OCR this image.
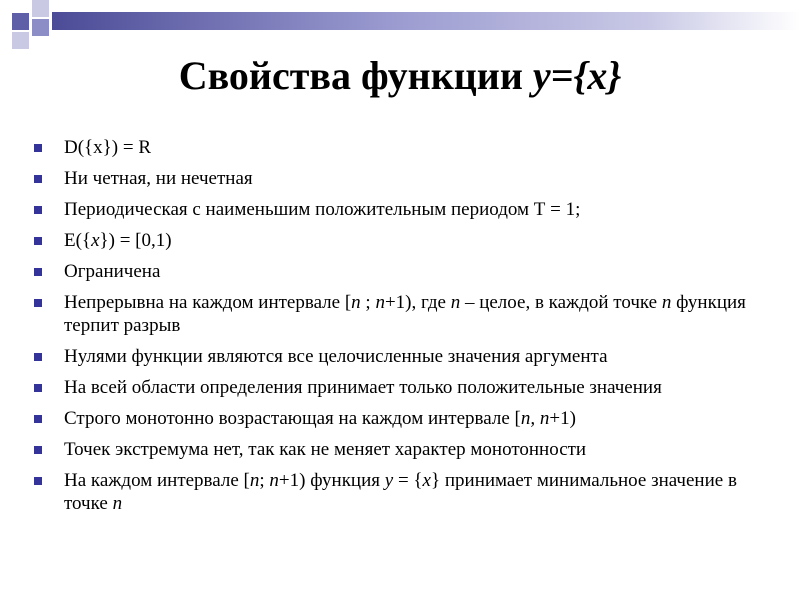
Свойства функции y={x}
D({x}) = R
Ни четная, ни нечетная
Периодическая с наименьшим положительным периодом Т = 1;
E({x}) = [0,1)
Ограничена
Непрерывна на каждом интервале [n ; n+1), где n – целое, в каждой точке n функция терпит разрыв
Нулями функции являются все целочисленные значения аргумента
На всей области определения принимает только положительные значения
Строго монотонно возрастающая на каждом интервале [n, n+1)
Точек экстремума нет, так как не меняет характер монотонности
На каждом интервале [n; n+1) функция y = {x} принимает минимальное значение в точке n
